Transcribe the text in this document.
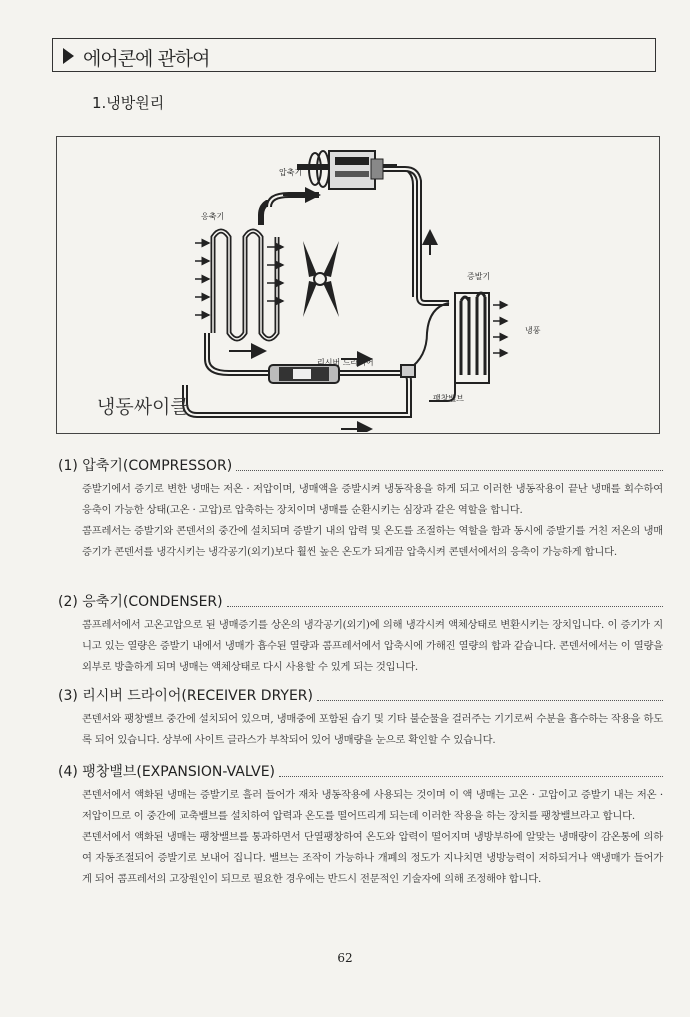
에어콘에 관하여
1.냉방원리
압축기
응축기
증발기
냉풍
팽창밸브
리시버 드라이어
냉동싸이클
(1) 압축기(COMPRESSOR)

증발기에서 증기로 변한 냉매는 저온 · 저압이며, 냉매액을 증발시켜 냉동작용을 하게 되고 이러한 냉동작용이 끝난 냉매를 회수하여 응축이 가능한 상태(고온 · 고압)로 압축하는 장치이며 냉매를 순환시키는 심장과 같은 역할을 합니다.

콤프레서는 증발기와 콘덴서의 중간에 설치되며 증발기 내의 압력 및 온도를 조절하는 역할을 함과 동시에 증발기를 거친 저온의 냉매 증기가 콘덴서를 냉각시키는 냉각공기(외기)보다 훨씬 높은 온도가 되게끔 압축시켜 콘덴서에서의 응축이 가능하게 합니다.

(2) 응축기(CONDENSER)

콤프레서에서 고온고압으로 된 냉매증기를 상온의 냉각공기(외기)에 의해 냉각시켜 액체상태로 변환시키는 장치입니다. 이 증기가 지니고 있는 열량은 증발기 내에서 냉매가 흡수된 열량과 콤프레서에서 압축시에 가해진 열량의 합과 같습니다. 콘덴서에서는 이 열량을 외부로 방출하게 되며 냉매는 액체상태로 다시 사용할 수 있게 되는 것입니다.

(3) 리시버 드라이어(RECEIVER DRYER)

콘덴서와 팽창밸브 중간에 설치되어 있으며, 냉매중에 포함된 습기 및 기타 불순물을 걸러주는 기기로써 수분을 흡수하는 작용을 하도록 되어 있습니다. 상부에 사이트 글라스가 부착되어 있어 냉매량을 눈으로 확인할 수 있습니다.

(4) 팽창밸브(EXPANSION-VALVE)

콘덴서에서 액화된 냉매는 증발기로 흘러 들어가 재차 냉동작용에 사용되는 것이며 이 액 냉매는 고온 · 고압이고 증발기 내는 저온 · 저압이므로 이 중간에 교축밸브를 설치하여 압력과 온도를 떨어뜨리게 되는데 이러한 작용을 하는 장치를 팽창밸브라고 합니다.

콘덴서에서 액화된 냉매는 팽창밸브를 통과하면서 단열팽창하여 온도와 압력이 떨어지며 냉방부하에 알맞는 냉매량이 감온통에 의하여 자동조절되어 증발기로 보내어 집니다. 밸브는 조작이 가능하나 개폐의 정도가 지나치면 냉방능력이 저하되거나 액냉매가 들어가게 되어 콤프레서의 고장원인이 되므로 필요한 경우에는 반드시 전문적인 기술자에 의해 조정해야 합니다.

62
